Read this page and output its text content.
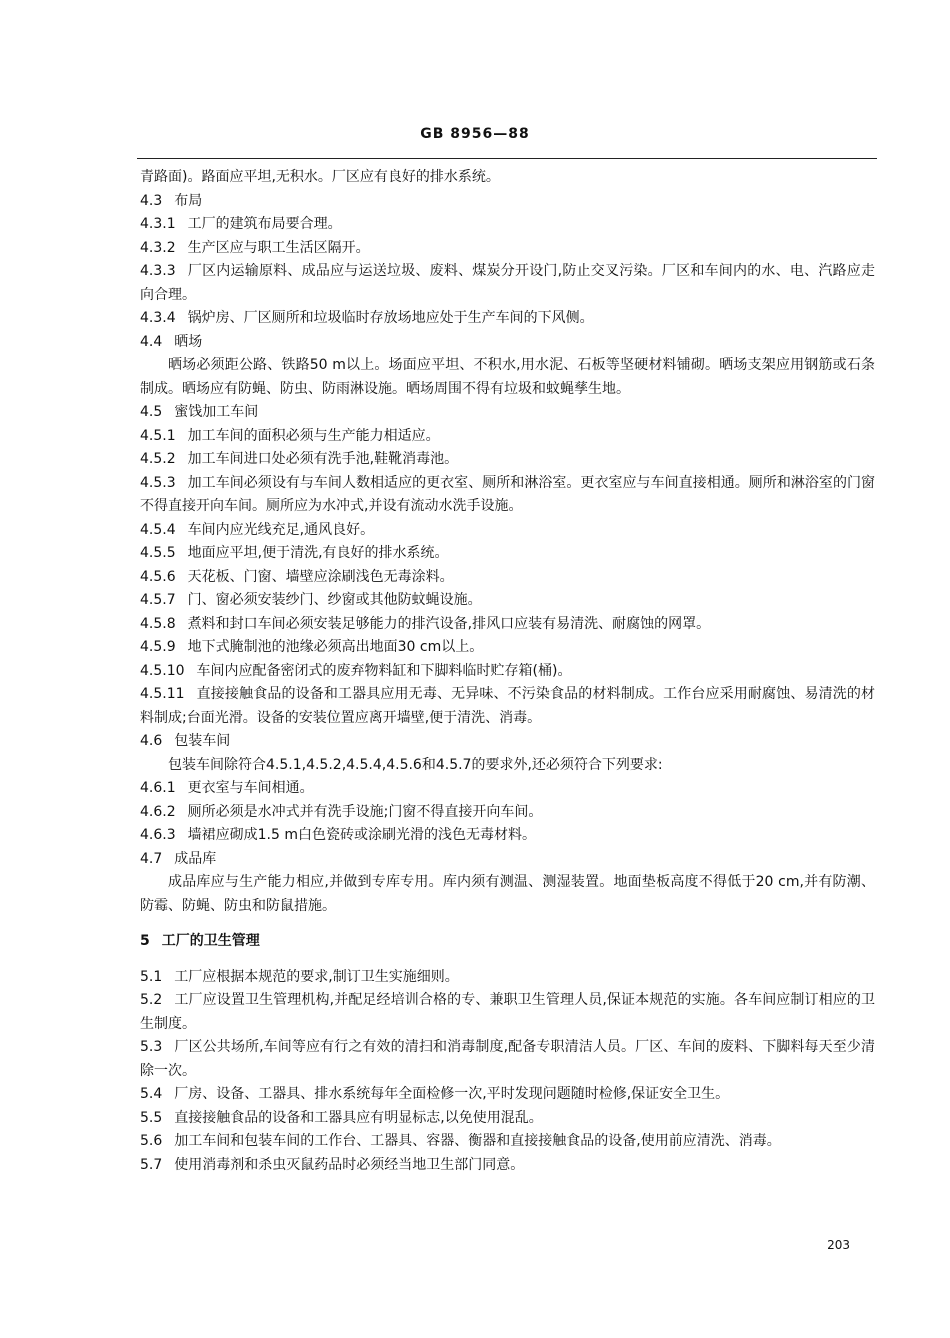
GB 8956—88

青路面)。路面应平坦,无积水。厂区应有良好的排水系统。

4.3 布局

4.3.1 工厂的建筑布局要合理。

4.3.2 生产区应与职工生活区隔开。

4.3.3 厂区内运输原料、成品应与运送垃圾、废料、煤炭分开设门,防止交叉污染。厂区和车间内的水、电、汽路应走向合理。

4.3.4 锅炉房、厂区厕所和垃圾临时存放场地应处于生产车间的下风侧。

4.4 晒场

晒场必须距公路、铁路50 m以上。场面应平坦、不积水,用水泥、石板等坚硬材料铺砌。晒场支架应用钢筋或石条制成。晒场应有防蝇、防虫、防雨淋设施。晒场周围不得有垃圾和蚊蝇孳生地。

4.5 蜜饯加工车间

4.5.1 加工车间的面积必须与生产能力相适应。

4.5.2 加工车间进口处必须有洗手池,鞋靴消毒池。

4.5.3 加工车间必须设有与车间人数相适应的更衣室、厕所和淋浴室。更衣室应与车间直接相通。厕所和淋浴室的门窗不得直接开向车间。厕所应为水冲式,并设有流动水洗手设施。

4.5.4 车间内应光线充足,通风良好。

4.5.5 地面应平坦,便于清洗,有良好的排水系统。

4.5.6 天花板、门窗、墙壁应涂刷浅色无毒涂料。

4.5.7 门、窗必须安装纱门、纱窗或其他防蚊蝇设施。

4.5.8 煮料和封口车间必须安装足够能力的排汽设备,排风口应装有易清洗、耐腐蚀的网罩。

4.5.9 地下式腌制池的池缘必须高出地面30 cm以上。

4.5.10 车间内应配备密闭式的废弃物料缸和下脚料临时贮存箱(桶)。

4.5.11 直接接触食品的设备和工器具应用无毒、无异味、不污染食品的材料制成。工作台应采用耐腐蚀、易清洗的材料制成;台面光滑。设备的安装位置应离开墙壁,便于清洗、消毒。

4.6 包装车间

包装车间除符合4.5.1,4.5.2,4.5.4,4.5.6和4.5.7的要求外,还必须符合下列要求:

4.6.1 更衣室与车间相通。

4.6.2 厕所必须是水冲式并有洗手设施;门窗不得直接开向车间。

4.6.3 墙裙应砌成1.5 m白色瓷砖或涂刷光滑的浅色无毒材料。

4.7 成品库

成品库应与生产能力相应,并做到专库专用。库内须有测温、测湿装置。地面垫板高度不得低于20 cm,并有防潮、防霉、防蝇、防虫和防鼠措施。

5 工厂的卫生管理

5.1 工厂应根据本规范的要求,制订卫生实施细则。

5.2 工厂应设置卫生管理机构,并配足经培训合格的专、兼职卫生管理人员,保证本规范的实施。各车间应制订相应的卫生制度。

5.3 厂区公共场所,车间等应有行之有效的清扫和消毒制度,配备专职清洁人员。厂区、车间的废料、下脚料每天至少清除一次。

5.4 厂房、设备、工器具、排水系统每年全面检修一次,平时发现问题随时检修,保证安全卫生。

5.5 直接接触食品的设备和工器具应有明显标志,以免使用混乱。

5.6 加工车间和包装车间的工作台、工器具、容器、衡器和直接接触食品的设备,使用前应清洗、消毒。

5.7 使用消毒剂和杀虫灭鼠药品时必须经当地卫生部门同意。

203
